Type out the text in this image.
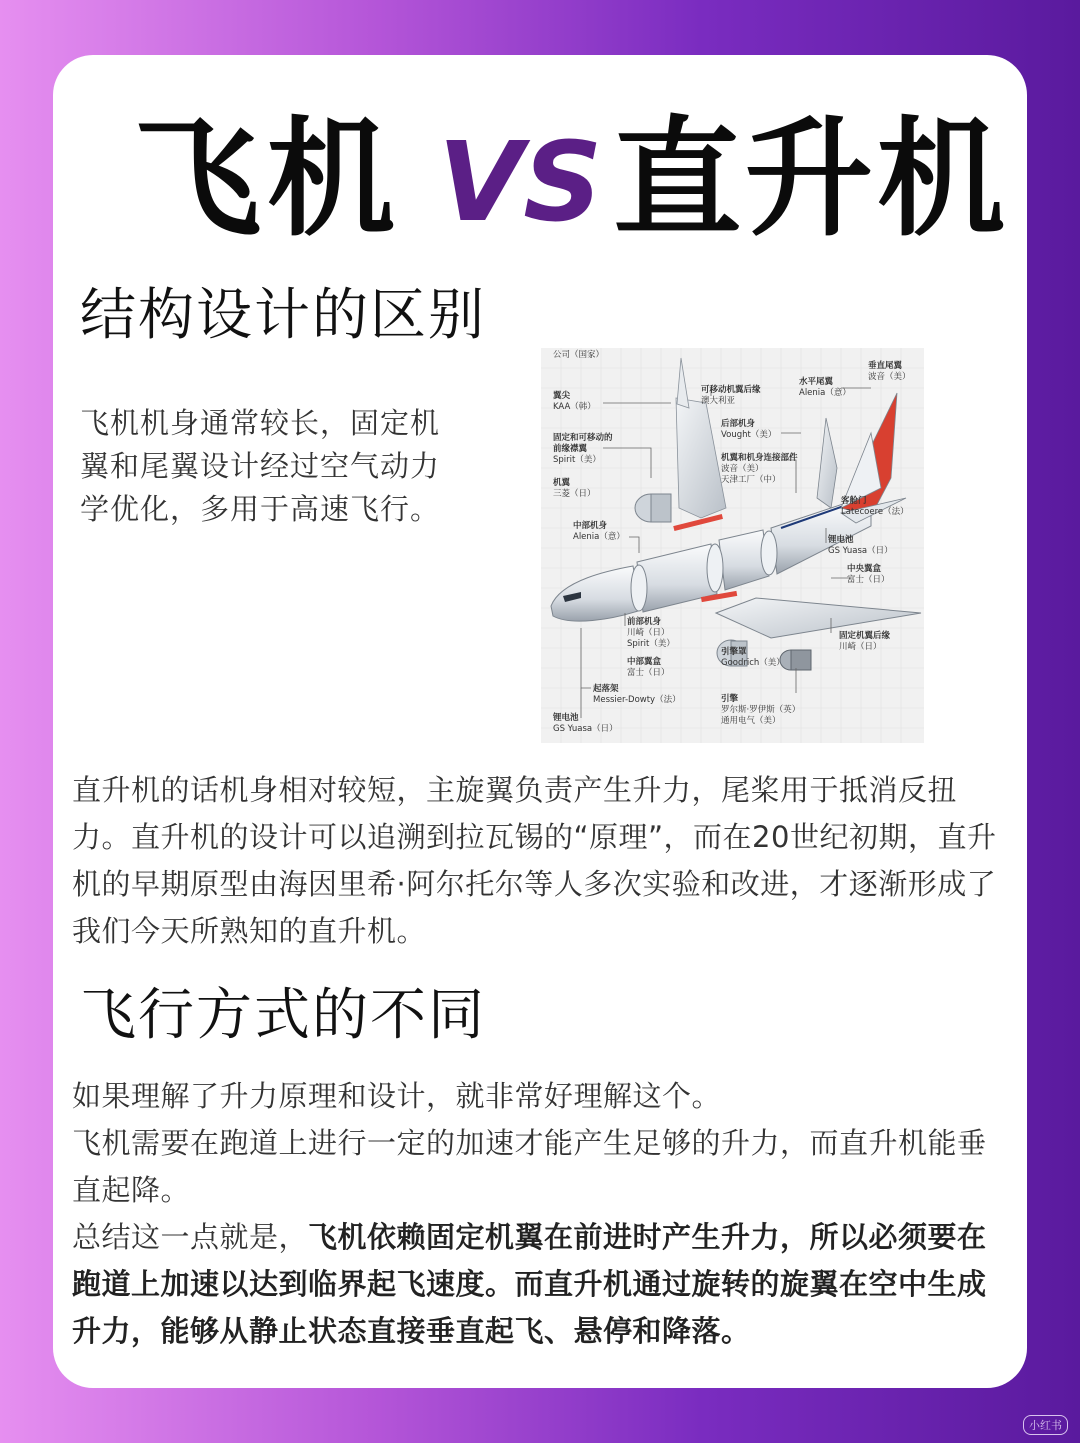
飞机 VS 直升机
结构设计的区别
飞机机身通常较长，固定机翼和尾翼设计经过空气动力学优化，多用于高速飞行。
公司（国家）
翼尖
KAA（韩）
固定和可移动的
前缘襟翼
Spirit（美）
机翼
三菱（日）
中部机身
Alenia（意）
前部机身
川崎（日）
Spirit（美）
中部翼盒
富士（日）
起落架
Messier-Dowty（法）
锂电池
GS Yuasa（日）
可移动机翼后缘
澳大利亚
后部机身
Vought（美）
机翼和机身连接部件
波音（美）
天津工厂（中）
水平尾翼
Alenia（意）
垂直尾翼
波音（美）
客舱门
Latecoere（法）
锂电池
GS Yuasa（日）
中央翼盒
富士（日）
固定机翼后缘
川崎（日）
引擎罩
Goodrich（美）
引擎
罗尔斯·罗伊斯（英）
通用电气（美）
直升机的话机身相对较短，主旋翼负责产生升力，尾桨用于抵消反扭力。直升机的设计可以追溯到拉瓦锡的“原理”，而在20世纪初期，直升机的早期原型由海因里希·阿尔托尔等人多次实验和改进，才逐渐形成了我们今天所熟知的直升机。
飞行方式的不同
如果理解了升力原理和设计，就非常好理解这个。
飞机需要在跑道上进行一定的加速才能产生足够的升力，而直升机能垂直起降。
总结这一点就是，飞机依赖固定机翼在前进时产生升力，所以必须要在跑道上加速以达到临界起飞速度。而直升机通过旋转的旋翼在空中生成升力，能够从静止状态直接垂直起飞、悬停和降落。
小红书
